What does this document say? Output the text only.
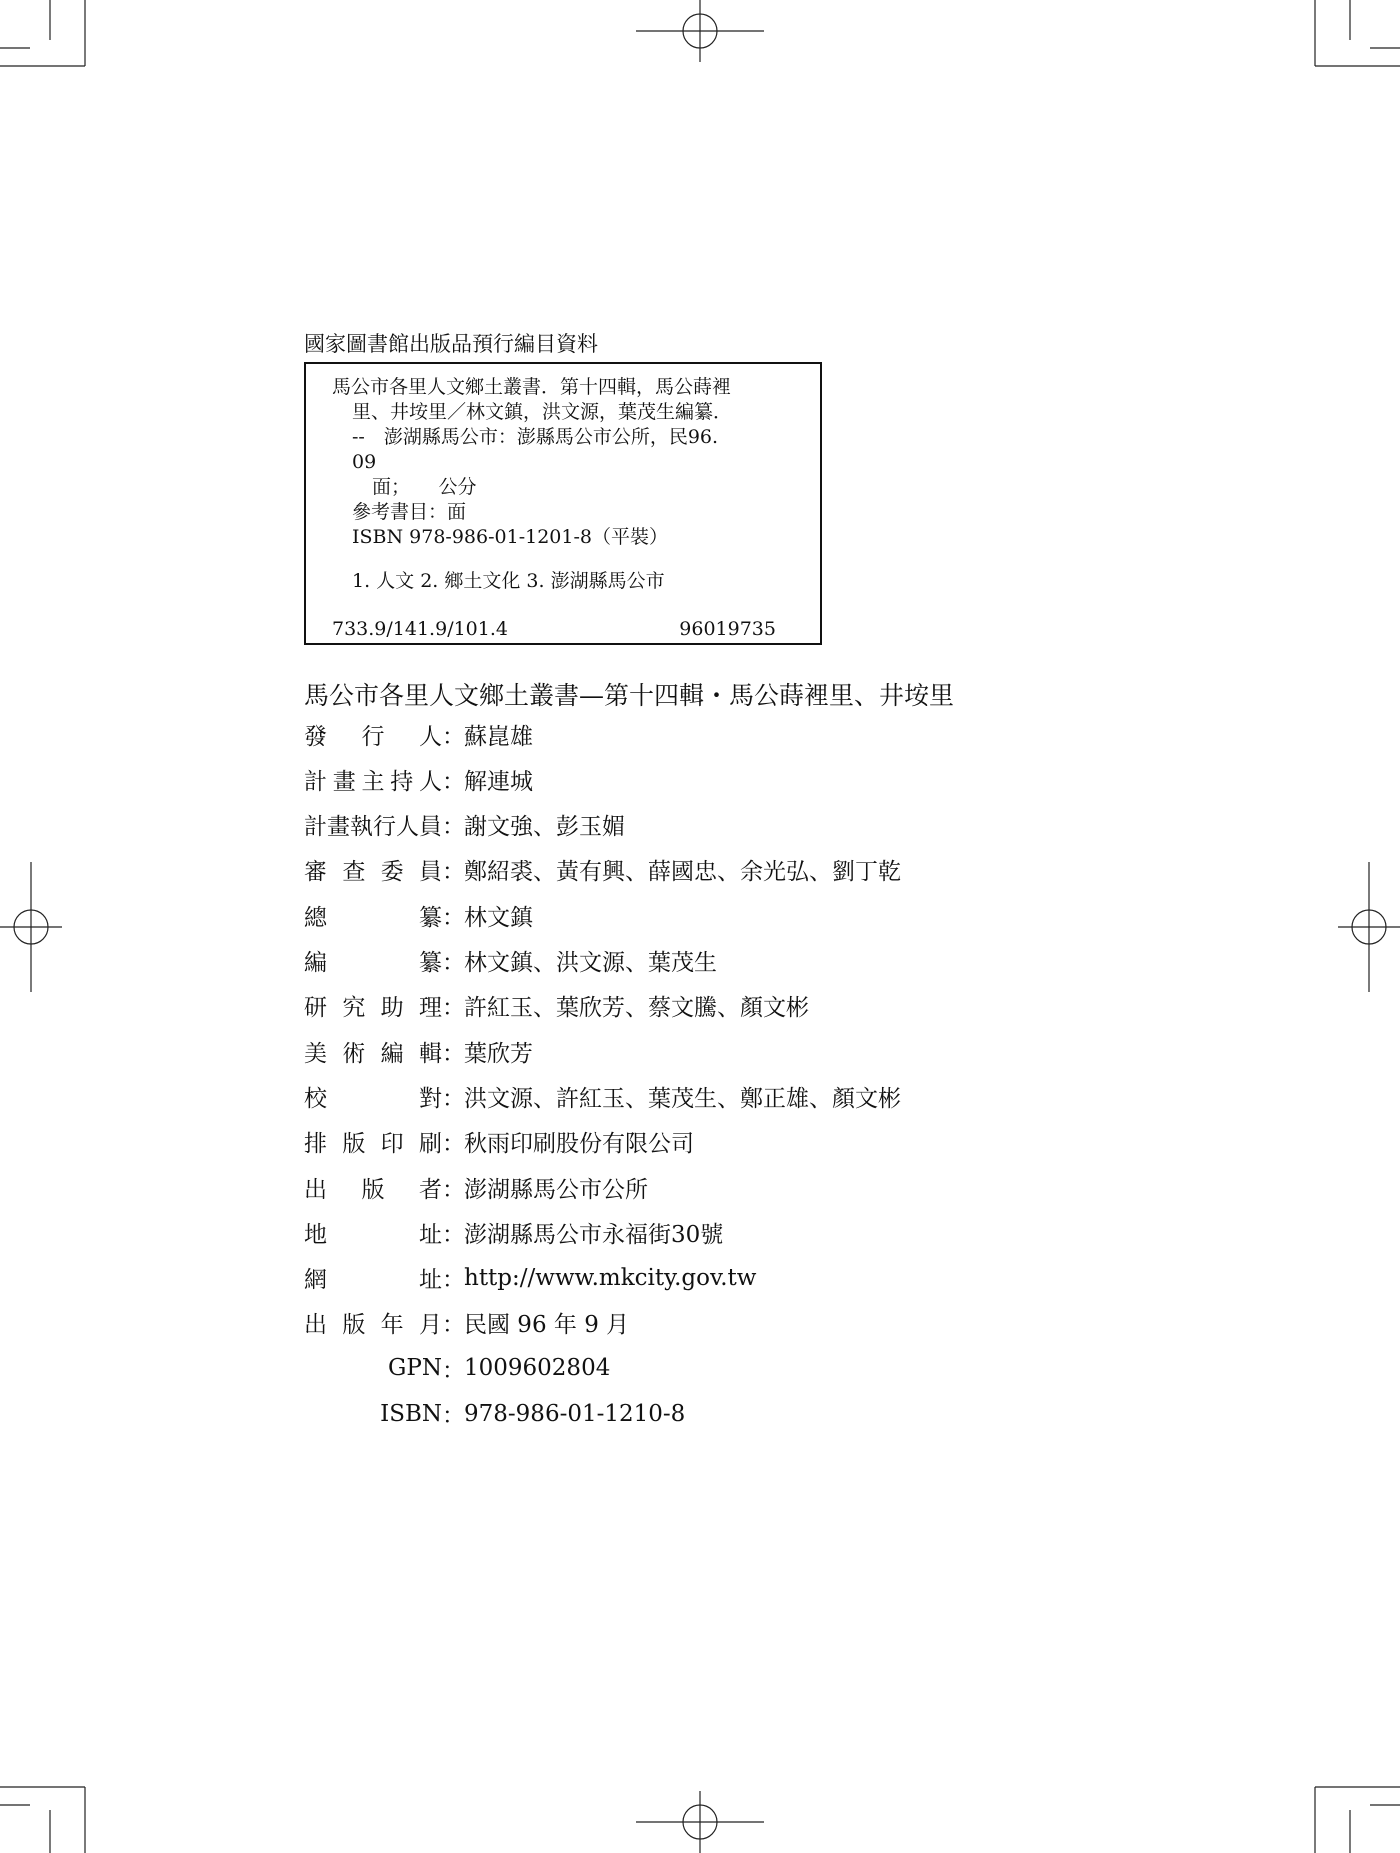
國家圖書館出版品預行編目資料
馬公市各里人文鄉土叢書．第十四輯，馬公蒔裡
里、井垵里／林文鎮，洪文源，葉茂生編纂．
--　澎湖縣馬公市：澎縣馬公市公所，民96.
09
面；　　公分
參考書目：面
ISBN 978-986-01-1201-8（平裝）
1. 人文 2. 鄉土文化 3. 澎湖縣馬公市
733.9/141.9/101.4	96019735
馬公市各里人文鄉土叢書—第十四輯・馬公蒔裡里、井垵里
發 行 人 ： 蘇崑雄
計 畫 主 持 人 ： 解連城
計畫執行人員 ： 謝文強、彭玉媚
審 查 委 員 ： 鄭紹裘、黃有興、薛國忠、余光弘、劉丁乾
總	纂 ： 林文鎮
編	纂 ： 林文鎮、洪文源、葉茂生
研 究 助 理 ： 許紅玉、葉欣芳、蔡文騰、顏文彬
美 術 編 輯 ： 葉欣芳
校	對 ： 洪文源、許紅玉、葉茂生、鄭正雄、顏文彬
排 版 印 刷 ： 秋雨印刷股份有限公司
出 版 者 ： 澎湖縣馬公市公所
地	址 ： 澎湖縣馬公市永福街30號
網	址 ： http://www.mkcity.gov.tw
出 版 年 月 ： 民國 96 年 9 月
GPN ： 1009602804
ISBN ： 978-986-01-1210-8
